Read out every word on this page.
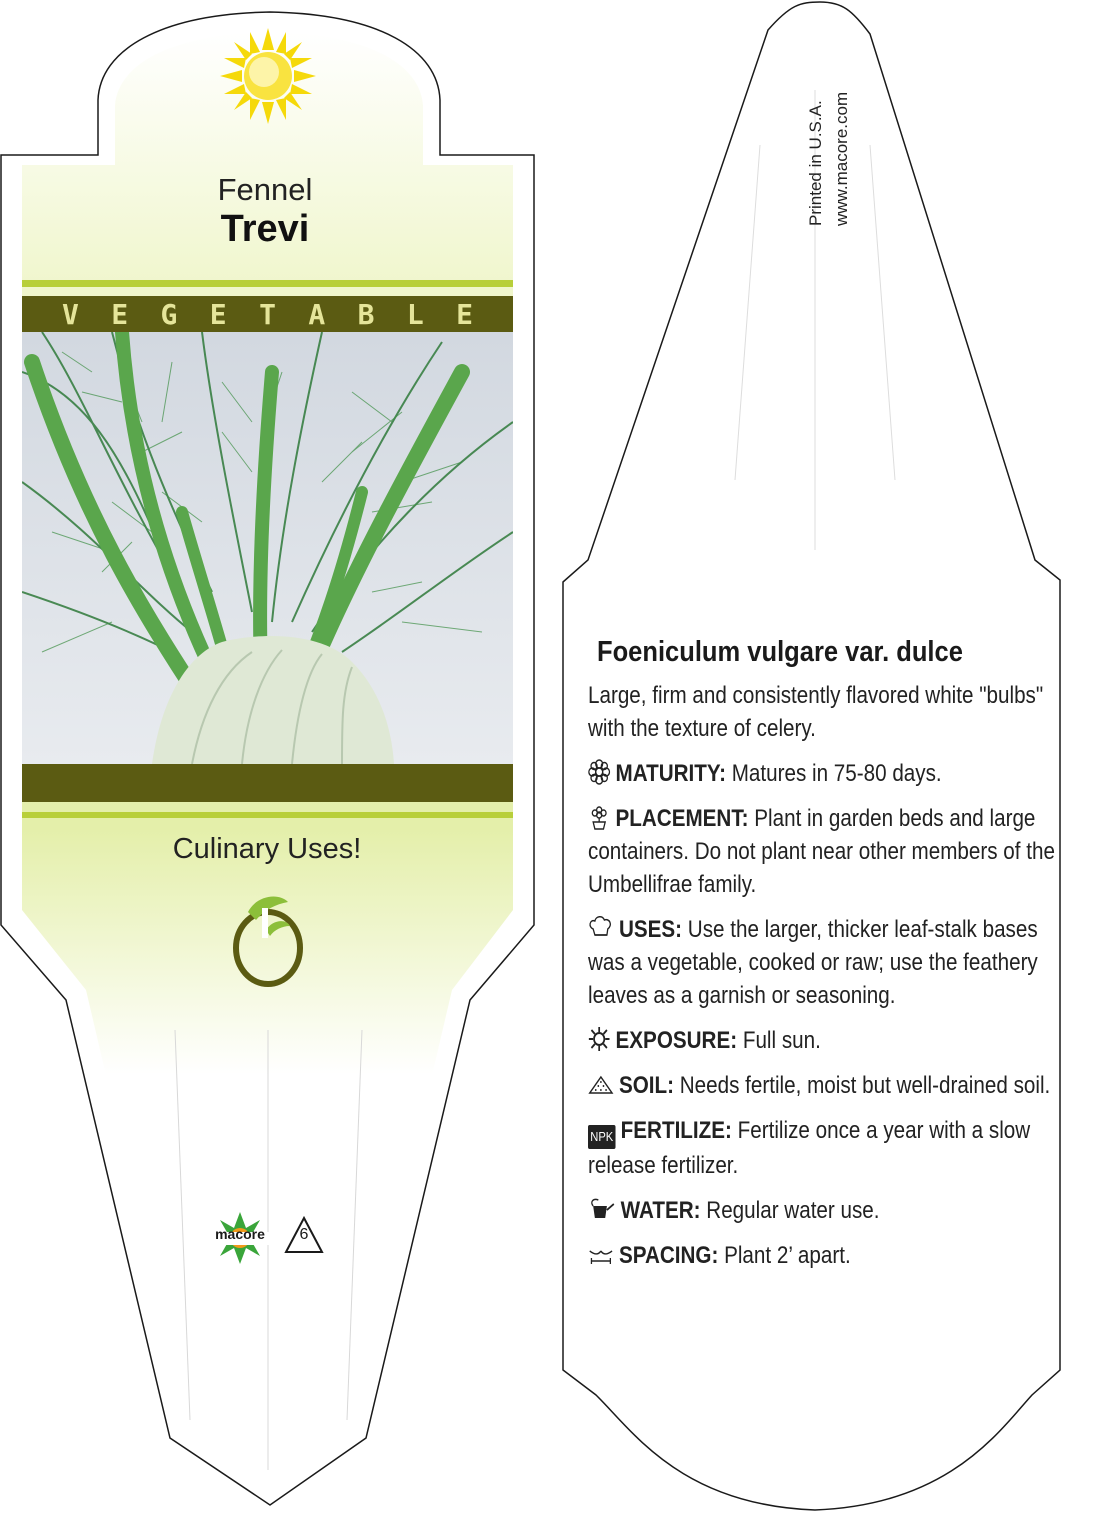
Fennel
Trevi
V E G E T A B L E
Culinary Uses!
macore	6
Printed in U.S.A. www.macore.com
Foeniculum vulgare var. dulce
Large, firm and consistently flavored white "bulbs" with the texture of celery.
MATURITY: Matures in 75-80 days.
PLACEMENT: Plant in garden beds and large containers. Do not plant near other members of the Umbellifrae family.
USES: Use the larger, thicker leaf-stalk bases was a vegetable, cooked or raw; use the feathery leaves as a garnish or seasoning.
EXPOSURE: Full sun.
SOIL: Needs fertile, moist but well-drained soil.
NPK FERTILIZE: Fertilize once a year with a slow release fertilizer.
WATER: Regular water use.
SPACING: Plant 2’ apart.
